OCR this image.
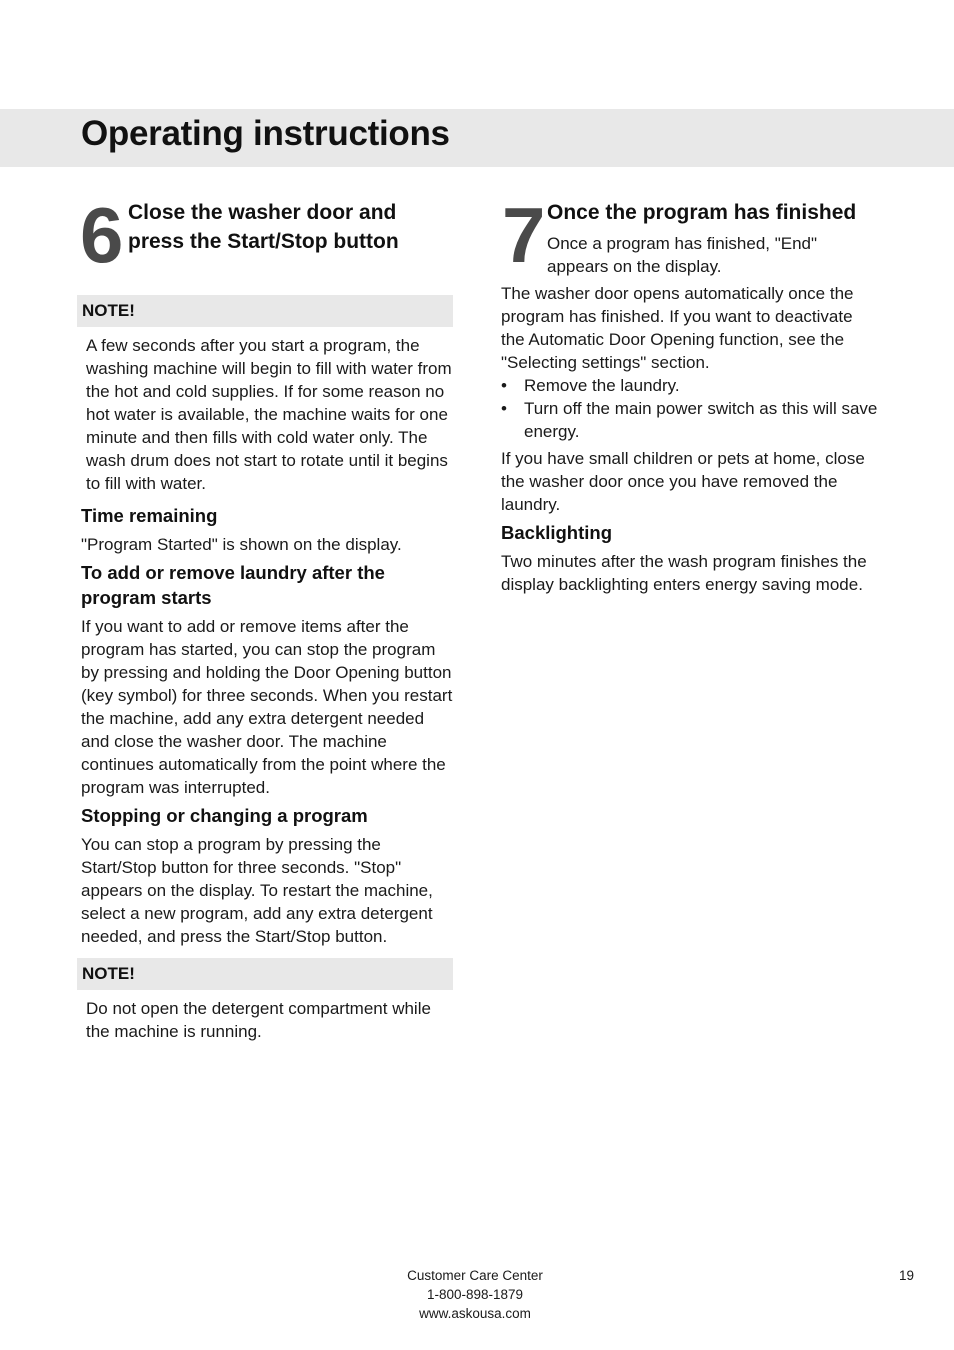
Operating instructions
6 Close the washer door and press the Start/Stop button
NOTE!

A few seconds after you start a program, the washing machine will begin to fill with water from the hot and cold supplies. If for some reason no hot water is available, the machine waits for one minute and then fills with cold water only. The wash drum does not start to rotate until it begins to fill with water.

Time remaining

"Program Started" is shown on the display.

To add or remove laundry after the program starts

If you want to add or remove items after the program has started, you can stop the program by pressing and holding the Door Opening button (key symbol) for three seconds. When you restart the machine, add any extra detergent needed and close the washer door. The machine continues automatically from the point where the program was interrupted.

Stopping or changing a program

You can stop a program by pressing the Start/Stop button for three seconds. "Stop" appears on the display. To restart the machine, select a new program, add any extra detergent needed, and press the Start/Stop button.

NOTE!

Do not open the detergent compartment while the machine is running.

7 Once the program has finished

Once a program has finished, "End" appears on the display.

The washer door opens automatically once the program has finished. If you want to deactivate the Automatic Door Opening function, see the "Selecting settings" section.

• Remove the laundry.
• Turn off the main power switch as this will save energy.

If you have small children or pets at home, close the washer door once you have removed the laundry.

Backlighting

Two minutes after the wash program finishes the display backlighting enters energy saving mode.

Customer Care Center
1-800-898-1879
www.askousa.com
19
